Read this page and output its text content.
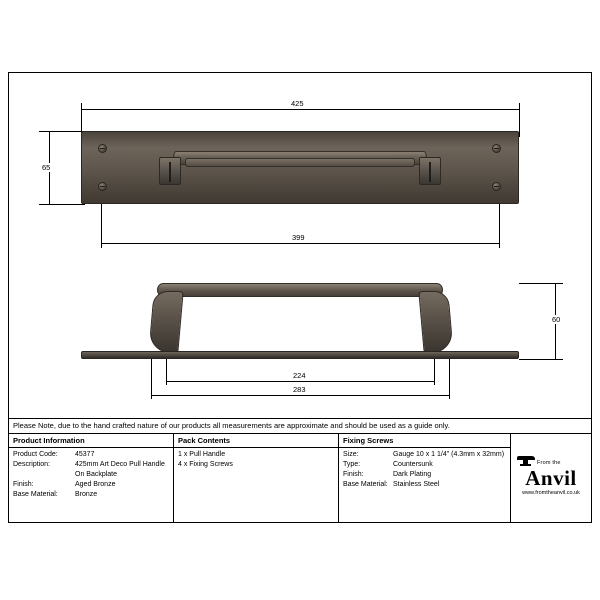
425
65
399
60
224
283
Please Note, due to the hand crafted nature of our products all measurements are approximate and should be used as a guide only.
Product Information
Product Code:	45377
Description:	425mm Art Deco Pull Handle
On Backplate
Finish:	Aged Bronze
Base Material:	Bronze
Pack Contents
1 x Pull Handle
4 x Fixing Screws
Fixing Screws
Size:	Gauge 10 x 1 1/4" (4.3mm x 32mm)
Type:	Countersunk
Finish:	Dark Plating
Base Material: Stainless Steel
From the
Anvil
www.fromtheanvil.co.uk
